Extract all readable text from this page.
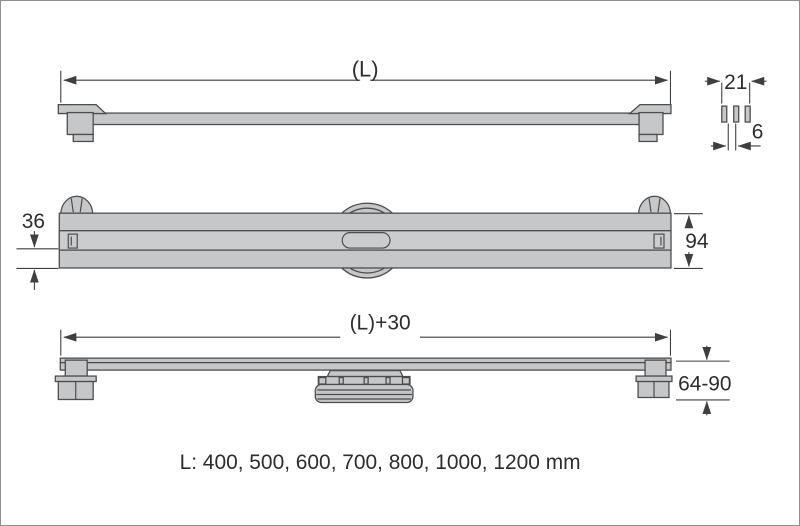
(L)
21
6
36
94
(L)+30
64-90
L: 400, 500, 600, 700, 800, 1000, 1200 mm
